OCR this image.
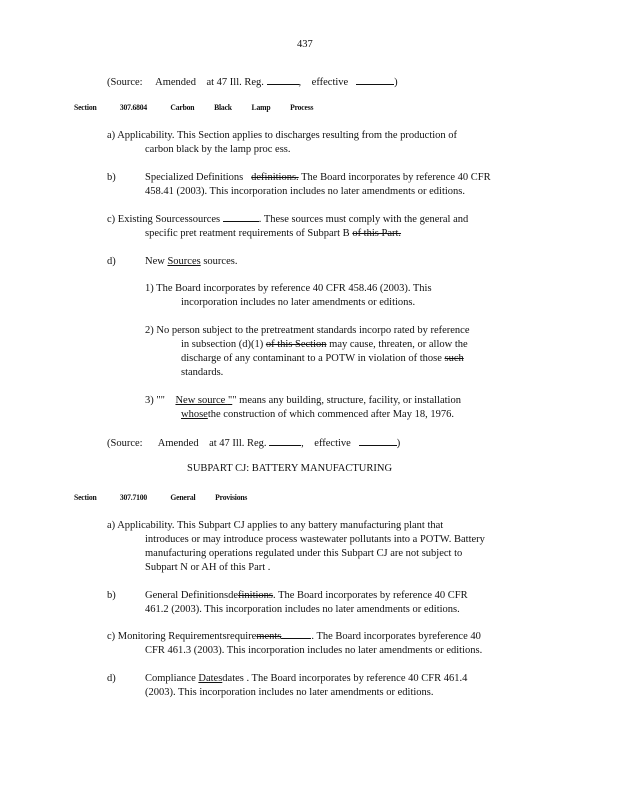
437
(Source: Amended at 47 Ill. Reg.	,    effective	)
Section	307.6804	Carbon Black Lamp Process
a) Applicability. This Section applies to discharges resulting from the production of
carbon black by the lamp proc ess.
b)	Specialized Definitions definitions. The Board incorporates by reference 40 CFR
458.41 (2003). This incorporation includes no later amendments or editions.
c) Existing Sourcessources	. These sources must comply with the general and
specific pret reatment requirements of Subpart B of this Part.
d)	New Sources sources.
1) The Board incorporates by reference 40 CFR 458.46 (2003). This
incorporation includes no later amendments or editions.
2) No person subject to the pretreatment standards incorpo rated by reference
in subsection (d)(1) of this Section may cause, threaten, or allow the
discharge of any contaminant to a POTW in violation of those such
standards.
3) "" New source "" means any building, structure, facility, or installation
whosethe construction of which commenced after May 18, 1976.
(Source: Amended at 47 Ill. Reg.	,    effective	)
SUBPART CJ: BATTERY MANUFACTURING
Section	307.7100	General Provisions
a) Applicability. This Subpart CJ applies to any battery manufacturing plant that
introduces or may introduce process wastewater pollutants into a POTW. Battery
manufacturing operations regulated under this Subpart CJ are not subject to
Subpart N or AH of this Part .
b)	General Definitionsdefinitions. The Board incorporates by reference 40 CFR
461.2 (2003). This incorporation includes no later amendments or editions.
c) Monitoring Requirementsrequirements	. The Board incorporates byreference 40
CFR 461.3 (2003). This incorporation includes no later amendments or editions.
d)	Compliance Datesdates . The Board incorporates by reference 40 CFR 461.4
(2003). This incorporation includes no later amendments or editions.
